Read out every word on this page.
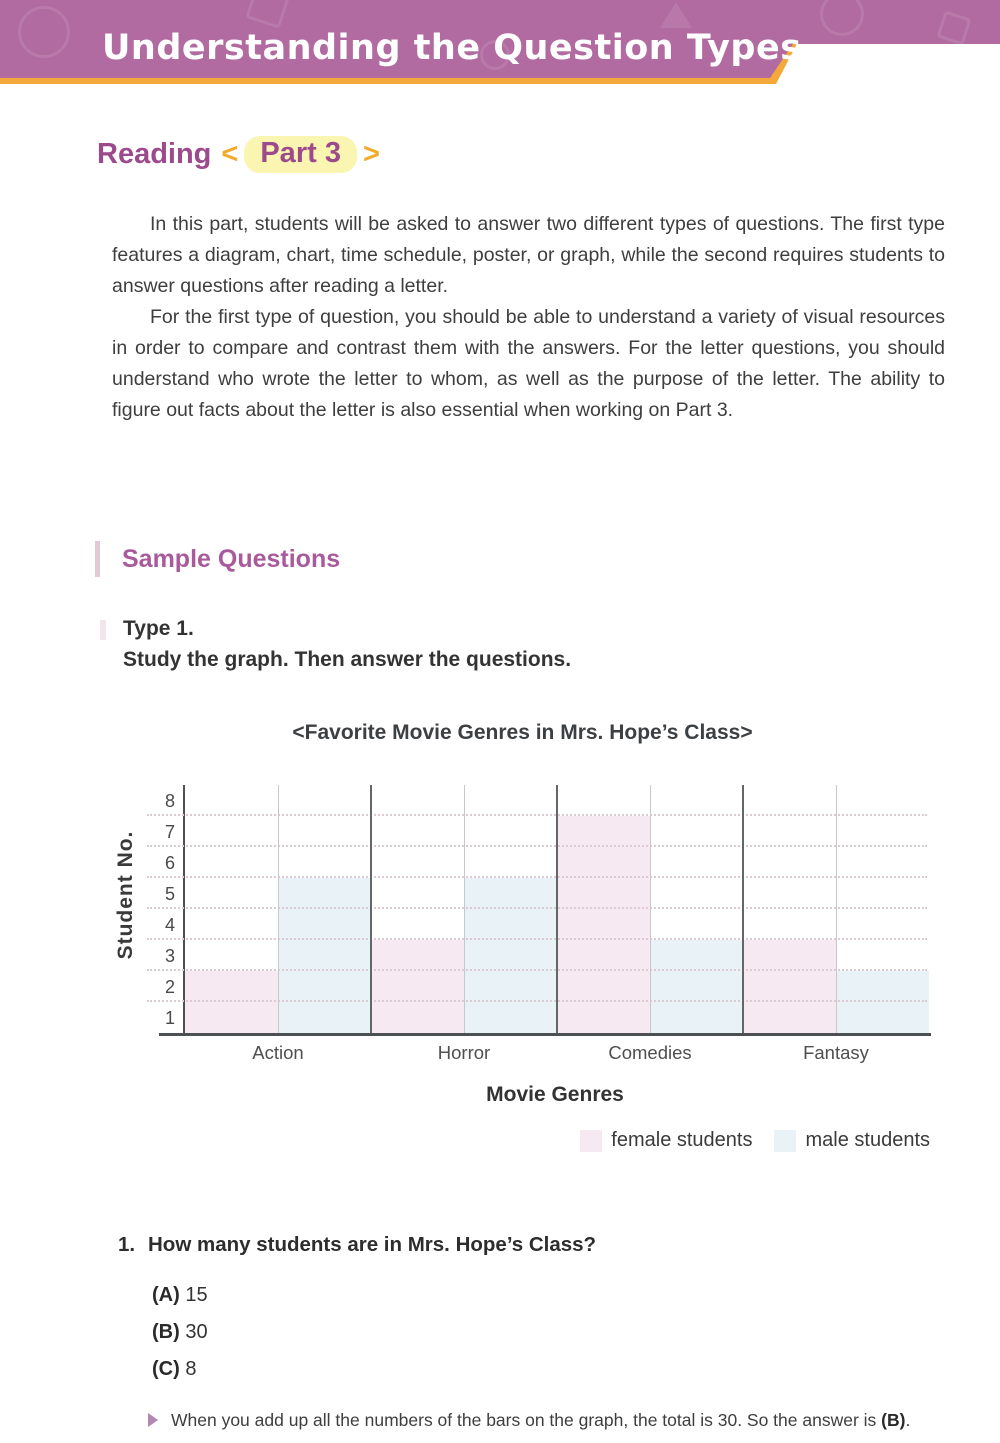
Understanding the Question Types
Reading < Part 3 >

In this part, students will be asked to answer two different types of questions. The first type features a diagram, chart, time schedule, poster, or graph, while the second requires students to answer questions after reading a letter.

For the first type of question, you should be able to understand a variety of visual resources in order to compare and contrast them with the answers. For the letter questions, you should understand who wrote the letter to whom, as well as the purpose of the letter. The ability to figure out facts about the letter is also essential when working on Part 3.

Sample Questions
Type 1.
Study the graph. Then answer the questions.
<Favorite Movie Genres in Mrs. Hope’s Class>
Student No.
1
2
3
4
5
6
7
8
Action	Horror	Comedies	Fantasy
Movie Genres
female students	male students
1. How many students are in Mrs. Hope’s Class?
(A) 15
(B) 30
(C) 8

When you add up all the numbers of the bars on the graph, the total is 30. So the answer is (B).
